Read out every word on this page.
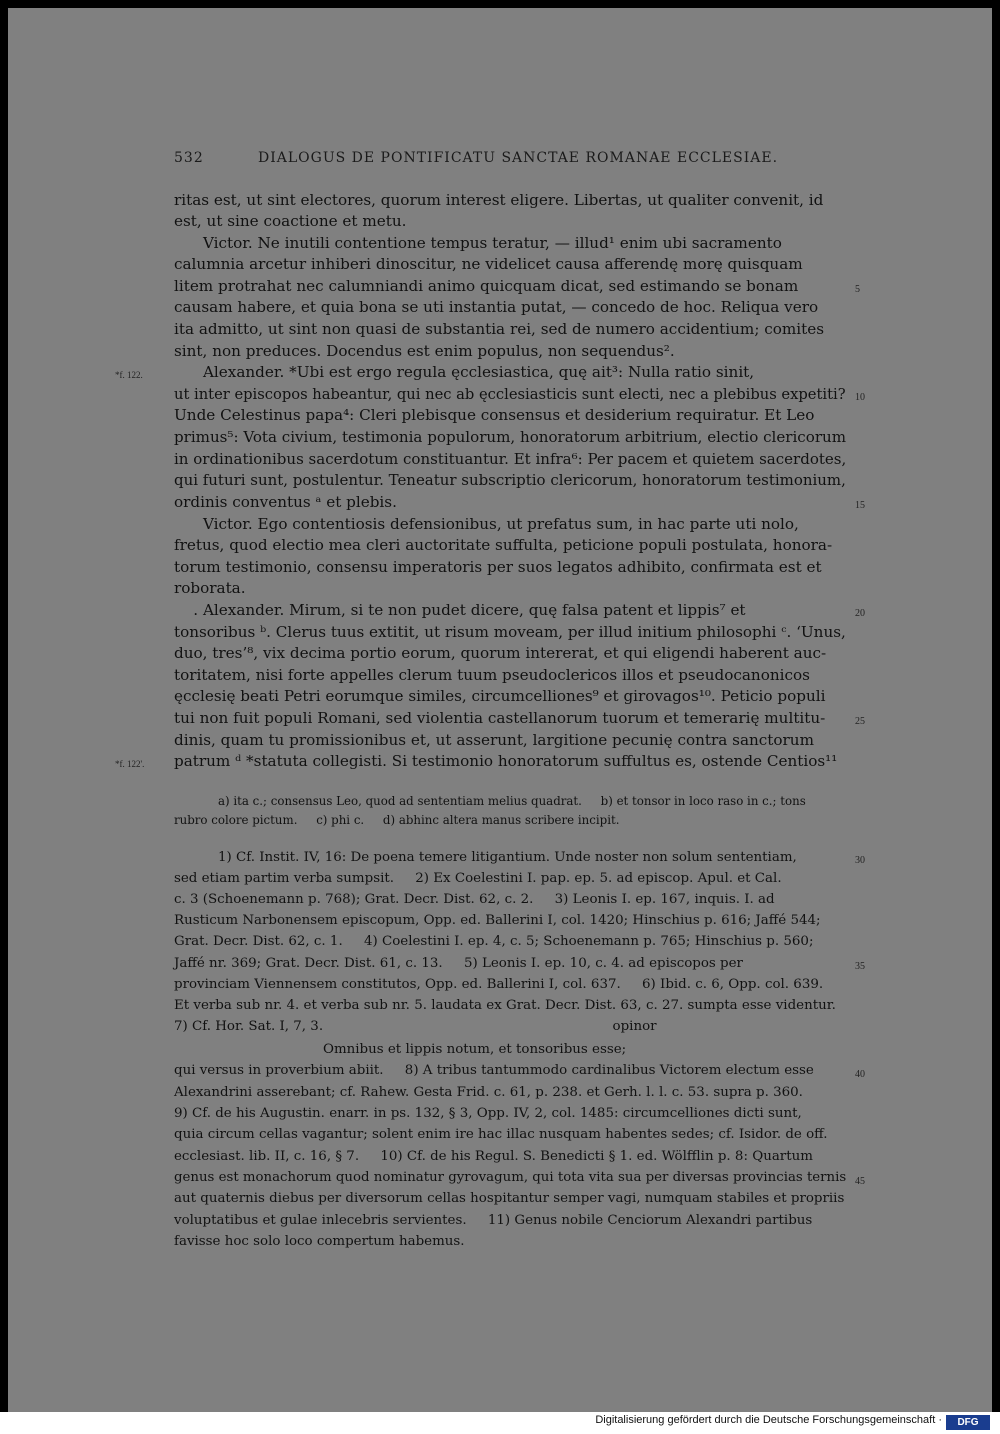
532	DIALOGUS DE PONTIFICATU SANCTAE ROMANAE ECCLESIAE.
ritas est, ut sint electores, quorum interest eligere. Libertas, ut qualiter convenit, id
est, ut sine coactione et metu.
Victor. Ne inutili contentione tempus teratur, — illud¹ enim ubi sacramento
calumnia arcetur inhiberi dinoscitur, ne videlicet causa afferendę morę quisquam
litem protrahat nec calumniandi animo quicquam dicat, sed estimando se bonam
causam habere, et quia bona se uti instantia putat, — concedo de hoc. Reliqua vero
ita admitto, ut sint non quasi de substantia rei, sed de numero accidentium; comites
sint, non preduces. Docendus est enim populus, non sequendus².
Alexander. *Ubi est ergo regula ęcclesiastica, quę ait³: Nulla ratio sinit,
ut inter episcopos habeantur, qui nec ab ęcclesiasticis sunt electi, nec a plebibus expetiti?
Unde Celestinus papa⁴: Cleri plebisque consensus et desiderium requiratur. Et Leo
primus⁵: Vota civium, testimonia populorum, honoratorum arbitrium, electio clericorum
in ordinationibus sacerdotum constituantur. Et infra⁶: Per pacem et quietem sacerdotes,
qui futuri sunt, postulentur. Teneatur subscriptio clericorum, honoratorum testimonium,
ordinis conventus ᵃ et plebis.
Victor. Ego contentiosis defensionibus, ut prefatus sum, in hac parte uti nolo,
fretus, quod electio mea cleri auctoritate suffulta, peticione populi postulata, honora-
torum testimonio, consensu imperatoris per suos legatos adhibito, confirmata est et
roborata.
. Alexander. Mirum, si te non pudet dicere, quę falsa patent et lippis⁷ et
tonsoribus ᵇ. Clerus tuus extitit, ut risum moveam, per illud initium philosophi ᶜ. ‘Unus,
duo, tres’⁸, vix decima portio eorum, quorum intererat, et qui eligendi haberent auc-
toritatem, nisi forte appelles clerum tuum pseudoclericos illos et pseudocanonicos
ęcclesię beati Petri eorumque similes, circumcelliones⁹ et girovagos¹⁰. Peticio populi
tui non fuit populi Romani, sed violentia castellanorum tuorum et temerarię multitu-
dinis, quam tu promissionibus et, ut asserunt, largitione pecunię contra sanctorum
patrum ᵈ *statuta collegisti. Si testimonio honoratorum suffultus es, ostende Centios¹¹
*f. 122.
*f. 122'.
a) ita c.; consensus Leo, quod ad sententiam melius quadrat.     b) et tonsor in loco raso in c.; tons
rubro colore pictum.     c) phi c.     d) abhinc altera manus scribere incipit.
1) Cf. Instit. IV, 16: De poena temere litigantium. Unde noster non solum sententiam,
sed etiam partim verba sumpsit.     2) Ex Coelestini I. pap. ep. 5. ad episcop. Apul. et Cal.
c. 3 (Schoenemann p. 768); Grat. Decr. Dist. 62, c. 2.     3) Leonis I. ep. 167, inquis. I. ad
Rusticum Narbonensem episcopum, Opp. ed. Ballerini I, col. 1420; Hinschius p. 616; Jaffé 544;
Grat. Decr. Dist. 62, c. 1.     4) Coelestini I. ep. 4, c. 5; Schoenemann p. 765; Hinschius p. 560;
Jaffé nr. 369; Grat. Decr. Dist. 61, c. 13.     5) Leonis I. ep. 10, c. 4. ad episcopos per
provinciam Viennensem constitutos, Opp. ed. Ballerini I, col. 637.     6) Ibid. c. 6, Opp. col. 639.
Et verba sub nr. 4. et verba sub nr. 5. laudata ex Grat. Decr. Dist. 63, c. 27. sumpta esse videntur.
7) Cf. Hor. Sat. I, 7, 3.                                                                    opinor
Omnibus et lippis notum, et tonsoribus esse;
qui versus in proverbium abiit.     8) A tribus tantummodo cardinalibus Victorem electum esse
Alexandrini asserebant; cf. Rahew. Gesta Frid. c. 61, p. 238. et Gerh. l. l. c. 53. supra p. 360.
9) Cf. de his Augustin. enarr. in ps. 132, § 3, Opp. IV, 2, col. 1485: circumcelliones dicti sunt,
quia circum cellas vagantur; solent enim ire hac illac nusquam habentes sedes; cf. Isidor. de off.
ecclesiast. lib. II, c. 16, § 7.     10) Cf. de his Regul. S. Benedicti § 1. ed. Wölfflin p. 8: Quartum
genus est monachorum quod nominatur gyrovagum, qui tota vita sua per diversas provincias ternis
aut quaternis diebus per diversorum cellas hospitantur semper vagi, numquam stabiles et propriis
voluptatibus et gulae inlecebris servientes.     11) Genus nobile Cenciorum Alexandri partibus
favisse hoc solo loco compertum habemus.
5
10
15
20
25
30
35
40
45
Digitalisierung gefördert durch die Deutsche Forschungsgemeinschaft ·	DFG
